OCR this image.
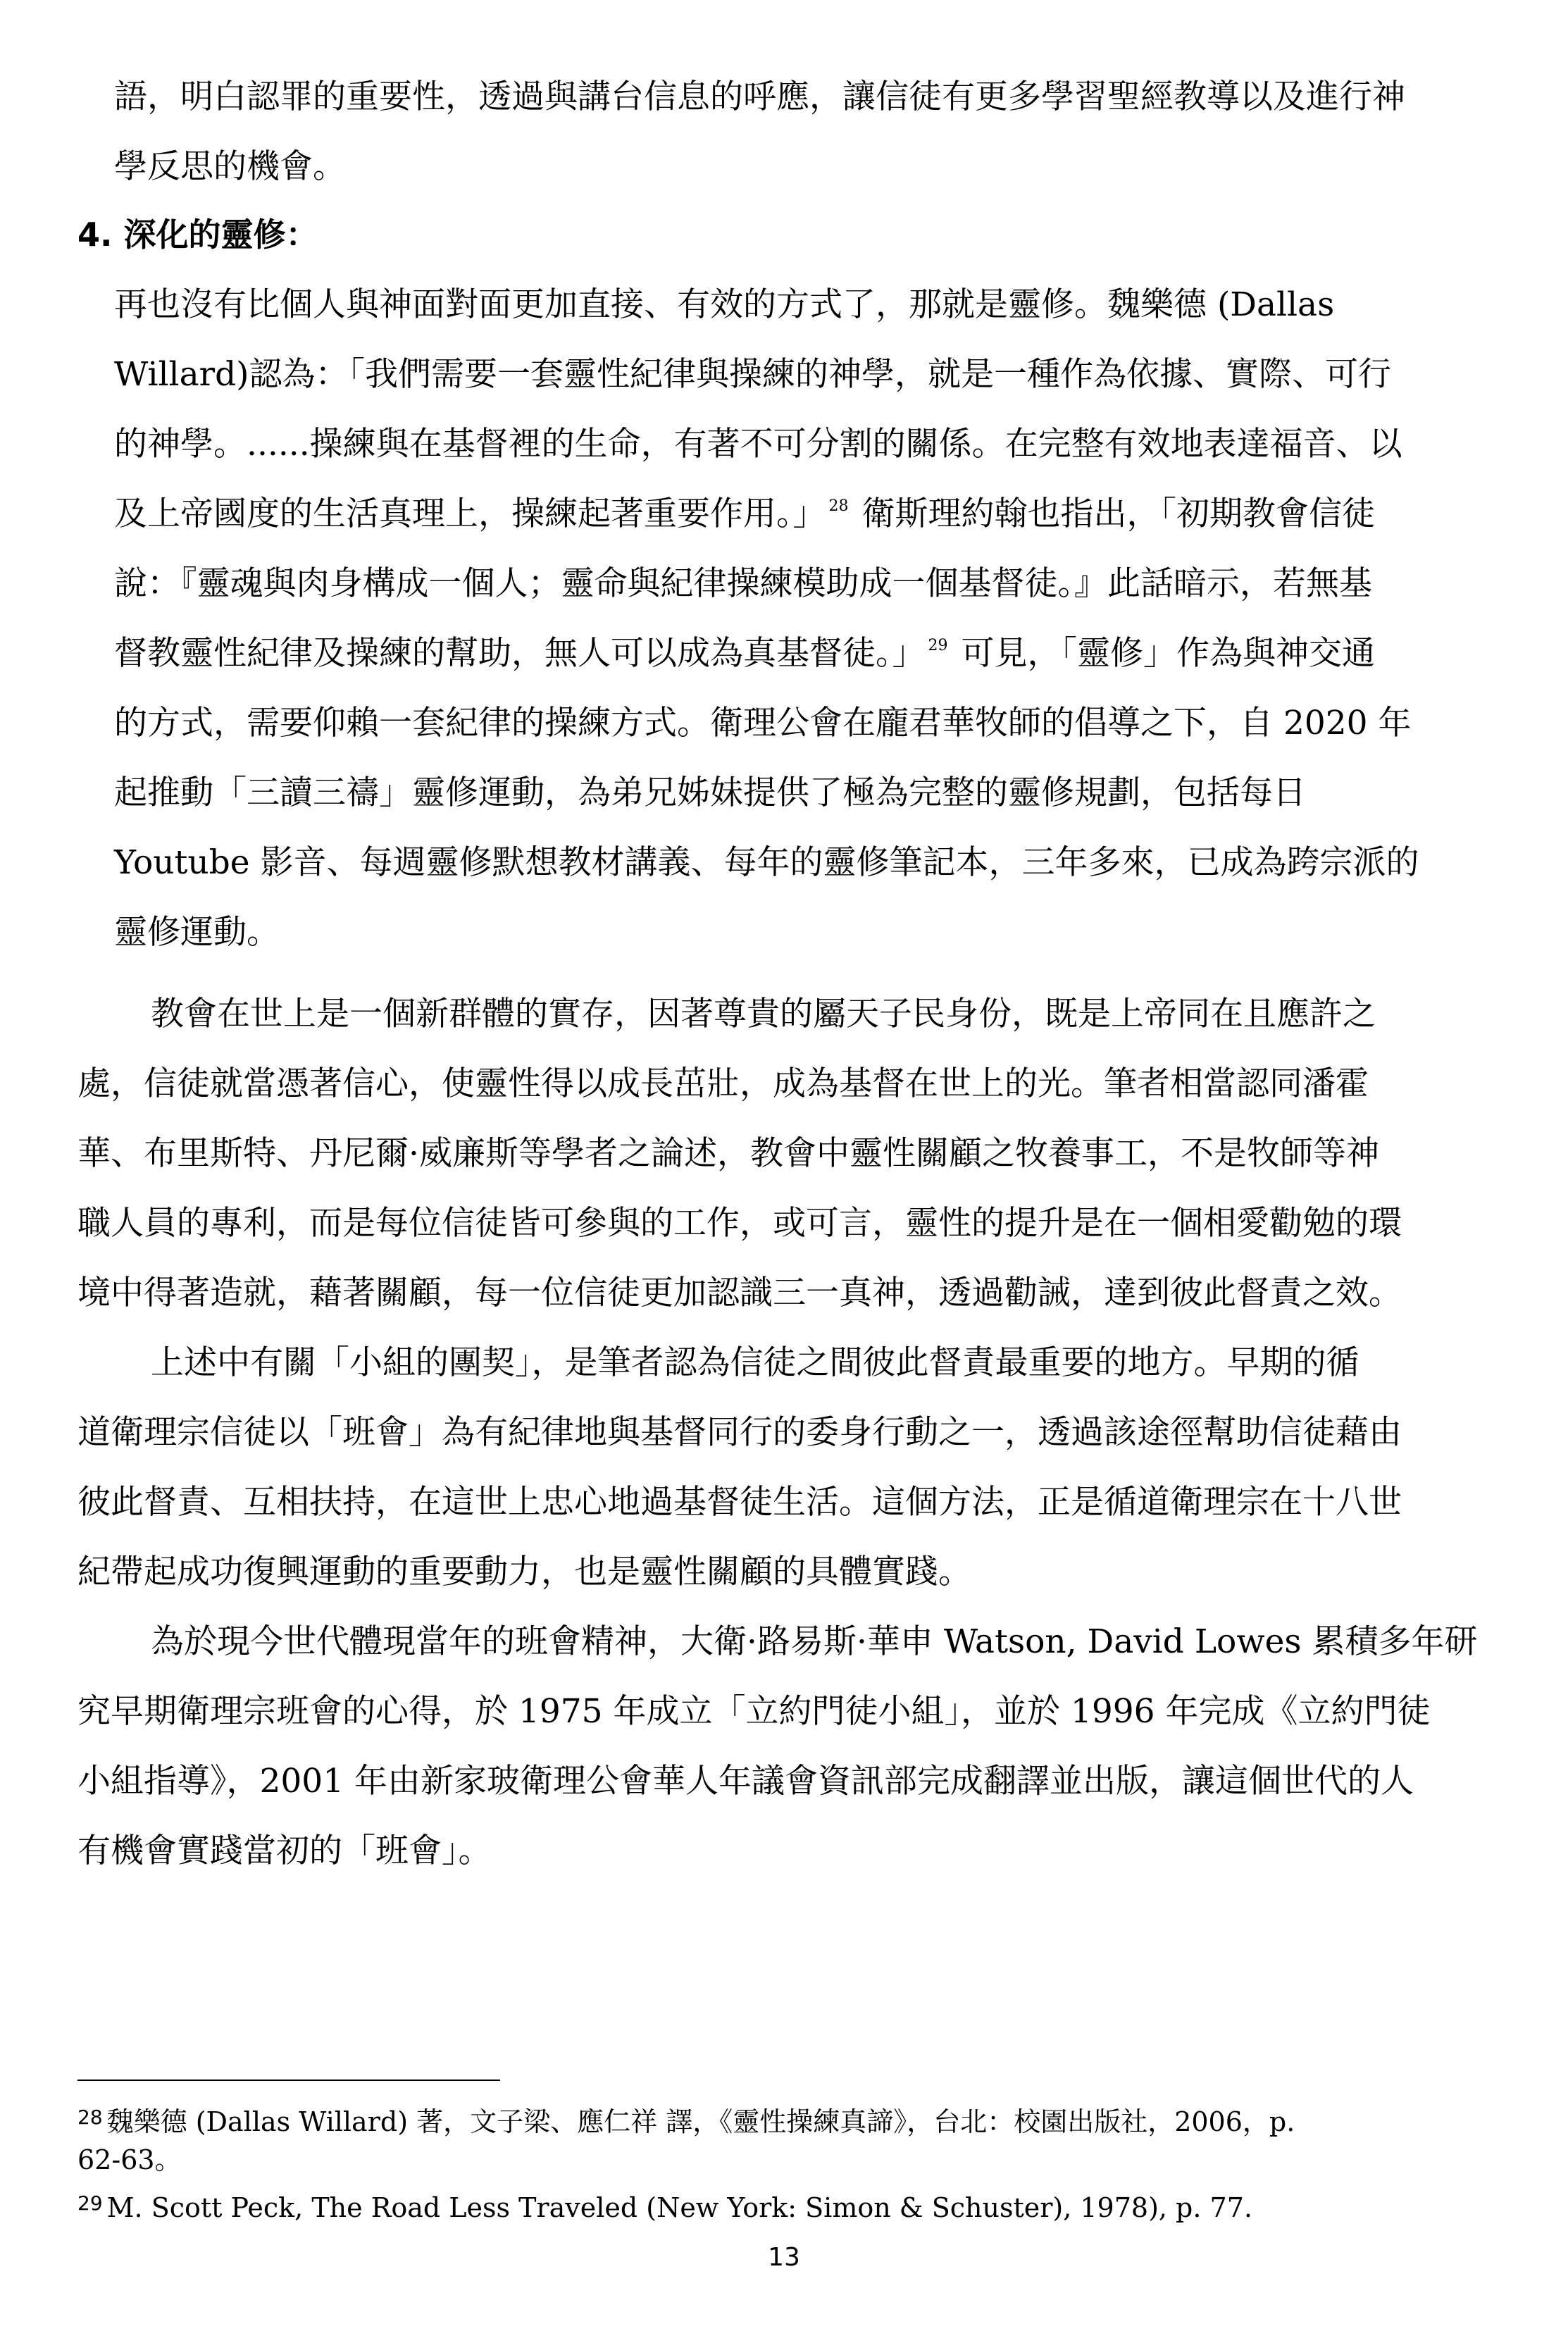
語，明白認罪的重要性，透過與講台信息的呼應，讓信徒有更多學習聖經教導以及進行神

學反思的機會。

4. 深化的靈修：

再也沒有比個人與神面對面更加直接、有效的方式了，那就是靈修。魏樂德 (Dallas

Willard)認為：「我們需要一套靈性紀律與操練的神學，就是一種作為依據、實際、可行

的神學。......操練與在基督裡的生命，有著不可分割的關係。在完整有效地表達福音、以

及上帝國度的生活真理上，操練起著重要作用。」 $^{28}$ 衛斯理約翰也指出，「初期教會信徒

說：『靈魂與肉身構成一個人；靈命與紀律操練模助成一個基督徒。』此話暗示，若無基

督教靈性紀律及操練的幫助，無人可以成為真基督徒。」 $^{29}$ 可見，「靈修」作為與神交通

的方式，需要仰賴一套紀律的操練方式。衛理公會在龐君華牧師的倡導之下，自 2020 年

起推動「三讀三禱」靈修運動，為弟兄姊妹提供了極為完整的靈修規劃，包括每日

Youtube 影音、每週靈修默想教材講義、每年的靈修筆記本，三年多來，已成為跨宗派的

靈修運動。

教會在世上是一個新群體的實存，因著尊貴的屬天子民身份，既是上帝同在且應許之

處，信徒就當憑著信心，使靈性得以成長茁壯，成為基督在世上的光。筆者相當認同潘霍

華、布里斯特、丹尼爾·威廉斯等學者之論述，教會中靈性關顧之牧養事工，不是牧師等神

職人員的專利，而是每位信徒皆可參與的工作，或可言，靈性的提升是在一個相愛勸勉的環

境中得著造就，藉著關顧，每一位信徒更加認識三一真神，透過勸誡，達到彼此督責之效。

上述中有關「小組的團契」，是筆者認為信徒之間彼此督責最重要的地方。早期的循

道衛理宗信徒以「班會」為有紀律地與基督同行的委身行動之一，透過該途徑幫助信徒藉由

彼此督責、互相扶持，在這世上忠心地過基督徒生活。這個方法，正是循道衛理宗在十八世

紀帶起成功復興運動的重要動力，也是靈性關顧的具體實踐。

為於現今世代體現當年的班會精神，大衛·路易斯·華申 Watson, David Lowes 累積多年研

究早期衛理宗班會的心得，於 1975 年成立「立約門徒小組」，並於 1996 年完成《立約門徒

小組指導》，2001 年由新家玻衛理公會華人年議會資訊部完成翻譯並出版，讓這個世代的人

有機會實踐當初的「班會」。

$^{28}$ 魏樂德 (Dallas Willard) 著，文子梁、應仁祥 譯，《靈性操練真諦》，台北：校園出版社，2006，p.

62-63。

$^{29}$ M. Scott Peck, The Road Less Traveled (New York: Simon & Schuster), 1978), p. 77.

13
